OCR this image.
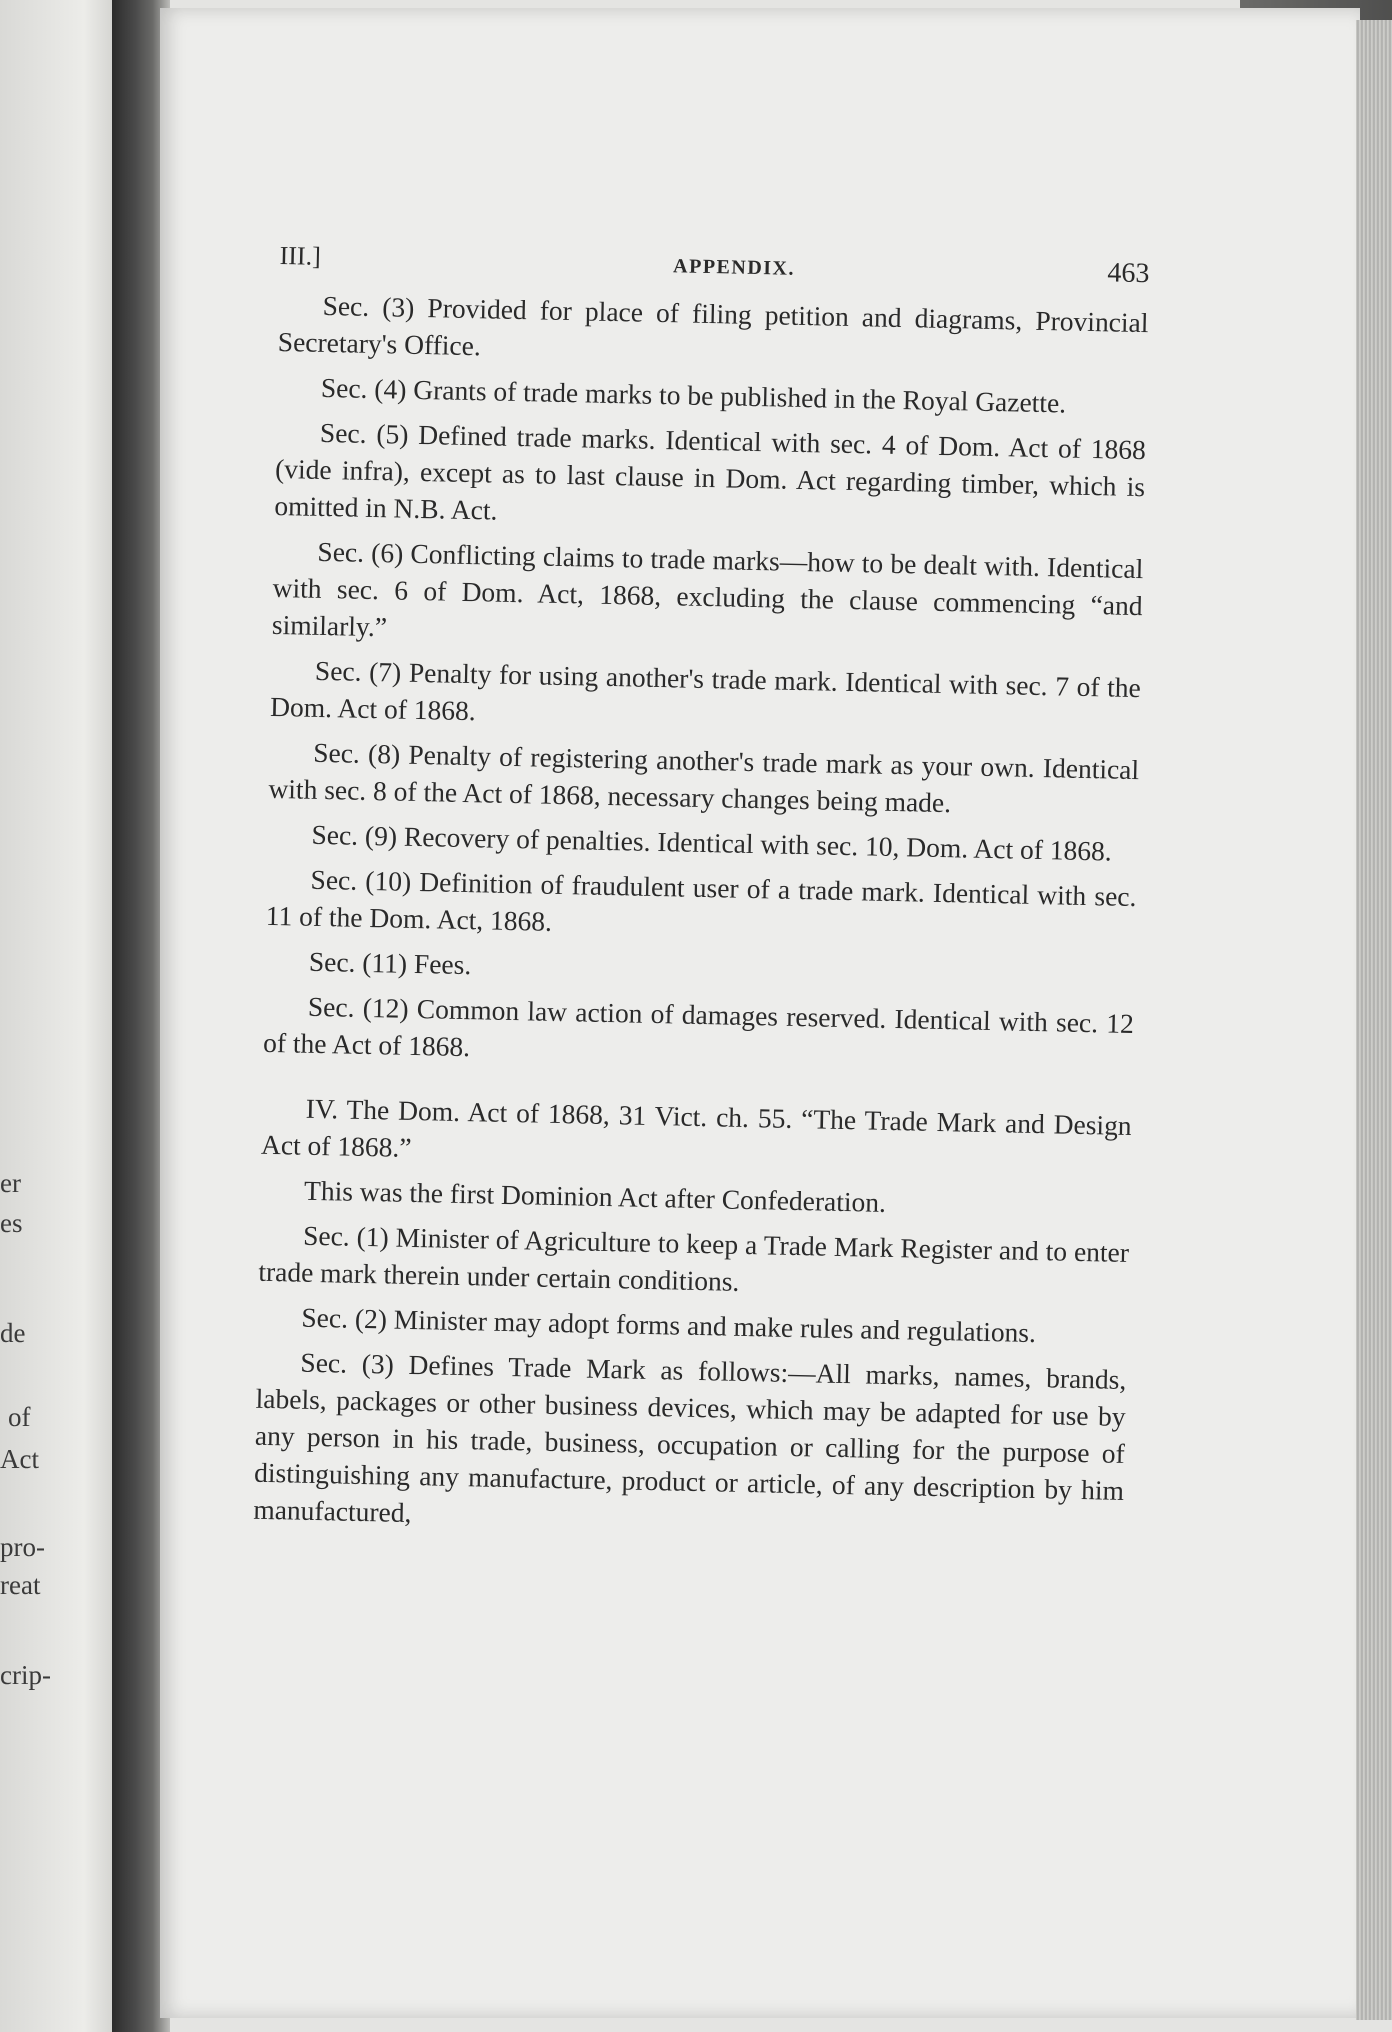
er
es
de
of
Act
pro-
reat
crip-
III.]	APPENDIX.	463

Sec. (3) Provided for place of filing petition and diagrams, Provincial Secretary's Office.

Sec. (4) Grants of trade marks to be published in the Royal Gazette.

Sec. (5) Defined trade marks. Identical with sec. 4 of Dom. Act of 1868 (vide infra), except as to last clause in Dom. Act regarding timber, which is omitted in N.B. Act.

Sec. (6) Conflicting claims to trade marks—how to be dealt with. Identical with sec. 6 of Dom. Act, 1868, excluding the clause commencing “and similarly.”

Sec. (7) Penalty for using another's trade mark. Identical with sec. 7 of the Dom. Act of 1868.

Sec. (8) Penalty of registering another's trade mark as your own. Identical with sec. 8 of the Act of 1868, necessary changes being made.

Sec. (9) Recovery of penalties. Identical with sec. 10, Dom. Act of 1868.

Sec. (10) Definition of fraudulent user of a trade mark. Identical with sec. 11 of the Dom. Act, 1868.

Sec. (11) Fees.

Sec. (12) Common law action of damages reserved. Identical with sec. 12 of the Act of 1868.

IV. The Dom. Act of 1868, 31 Vict. ch. 55. “The Trade Mark and Design Act of 1868.”

This was the first Dominion Act after Confederation.

Sec. (1) Minister of Agriculture to keep a Trade Mark Register and to enter trade mark therein under certain conditions.

Sec. (2) Minister may adopt forms and make rules and regulations.

Sec. (3) Defines Trade Mark as follows:—All marks, names, brands, labels, packages or other business devices, which may be adapted for use by any person in his trade, business, occupation or calling for the purpose of distinguishing any manufacture, product or article, of any description by him manufactured,
